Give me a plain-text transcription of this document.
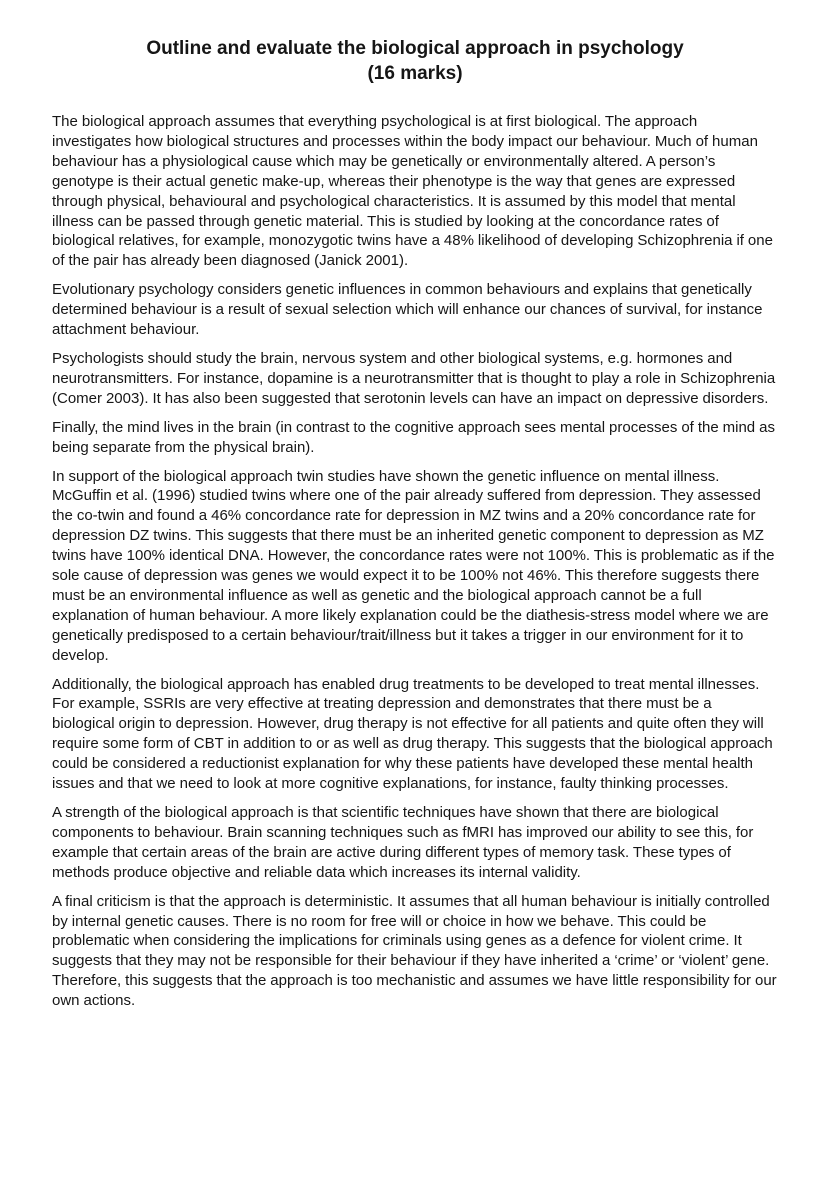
Outline and evaluate the biological approach in psychology
(16 marks)

The biological approach assumes that everything psychological is at first biological. The approach investigates how biological structures and processes within the body impact our behaviour. Much of human behaviour has a physiological cause which may be genetically or environmentally altered. A person’s genotype is their actual genetic make-up, whereas their phenotype is the way that genes are expressed through physical, behavioural and psychological characteristics. It is assumed by this model that mental illness can be passed through genetic material. This is studied by looking at the concordance rates of biological relatives, for example, monozygotic twins have a 48% likelihood of developing Schizophrenia if one of the pair has already been diagnosed (Janick 2001).

Evolutionary psychology considers genetic influences in common behaviours and explains that genetically determined behaviour is a result of sexual selection which will enhance our chances of survival, for instance attachment behaviour.

Psychologists should study the brain, nervous system and other biological systems, e.g. hormones and neurotransmitters. For instance, dopamine is a neurotransmitter that is thought to play a role in Schizophrenia (Comer 2003). It has also been suggested that serotonin levels can have an impact on depressive disorders.

Finally, the mind lives in the brain (in contrast to the cognitive approach sees mental processes of the mind as being separate from the physical brain).

In support of the biological approach twin studies have shown the genetic influence on mental illness. McGuffin et al. (1996) studied twins where one of the pair already suffered from depression. They assessed the co-twin and found a 46% concordance rate for depression in MZ twins and a 20% concordance rate for depression DZ twins. This suggests that there must be an inherited genetic component to depression as MZ twins have 100% identical DNA. However, the concordance rates were not 100%. This is problematic as if the sole cause of depression was genes we would expect it to be 100% not 46%. This therefore suggests there must be an environmental influence as well as genetic and the biological approach cannot be a full explanation of human behaviour. A more likely explanation could be the diathesis-stress model where we are genetically predisposed to a certain behaviour/trait/illness but it takes a trigger in our environment for it to develop.

Additionally, the biological approach has enabled drug treatments to be developed to treat mental illnesses. For example, SSRIs are very effective at treating depression and demonstrates that there must be a biological origin to depression. However, drug therapy is not effective for all patients and quite often they will require some form of CBT in addition to or as well as drug therapy. This suggests that the biological approach could be considered a reductionist explanation for why these patients have developed these mental health issues and that we need to look at more cognitive explanations, for instance, faulty thinking processes.

A strength of the biological approach is that scientific techniques have shown that there are biological components to behaviour. Brain scanning techniques such as fMRI has improved our ability to see this, for example that certain areas of the brain are active during different types of memory task. These types of methods produce objective and reliable data which increases its internal validity.

A final criticism is that the approach is deterministic. It assumes that all human behaviour is initially controlled by internal genetic causes. There is no room for free will or choice in how we behave. This could be problematic when considering the implications for criminals using genes as a defence for violent crime. It suggests that they may not be responsible for their behaviour if they have inherited a ‘crime’ or ‘violent’ gene. Therefore, this suggests that the approach is too mechanistic and assumes we have little responsibility for our own actions.
